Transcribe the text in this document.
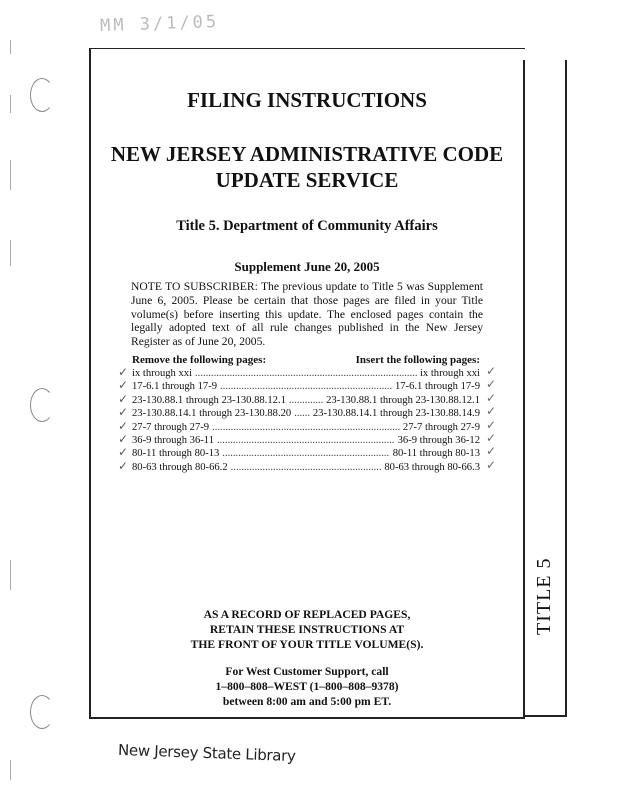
MM 3/1/05
TITLE 5
FILING INSTRUCTIONS
NEW JERSEY ADMINISTRATIVE CODE
UPDATE SERVICE
Title 5. Department of Community Affairs
Supplement June 20, 2005
NOTE TO SUBSCRIBER: The previous update to Title 5 was Supplement June 6, 2005. Please be certain that those pages are filed in your Title volume(s) before inserting this update. The enclosed pages contain the legally adopted text of all rule changes published in the New Jersey Register as of June 20, 2005.
Remove the following pages:	Insert the following pages:
✓ ix through xxi .....	ix through xxi ✓
✓ 17-6.1 through 17-9 .....	17-6.1 through 17-9 ✓
✓ 23-130.88.1 through 23-130.88.12.1 .....	23-130.88.1 through 23-130.88.12.1 ✓
✓ 23-130.88.14.1 through 23-130.88.20 ..... 23-130.88.14.1 through 23-130.88.14.9 ✓
✓ 27-7 through 27-9 .....	27-7 through 27-9 ✓
✓ 36-9 through 36-11 .....	36-9 through 36-12 ✓
✓ 80-11 through 80-13 .....	80-11 through 80-13 ✓
✓ 80-63 through 80-66.2 .....	80-63 through 80-66.3 ✓
AS A RECORD OF REPLACED PAGES,
RETAIN THESE INSTRUCTIONS AT
THE FRONT OF YOUR TITLE VOLUME(S).
For West Customer Support, call
1–800–808–WEST (1–800–808–9378)
between 8:00 am and 5:00 pm ET.
New Jersey State Library
